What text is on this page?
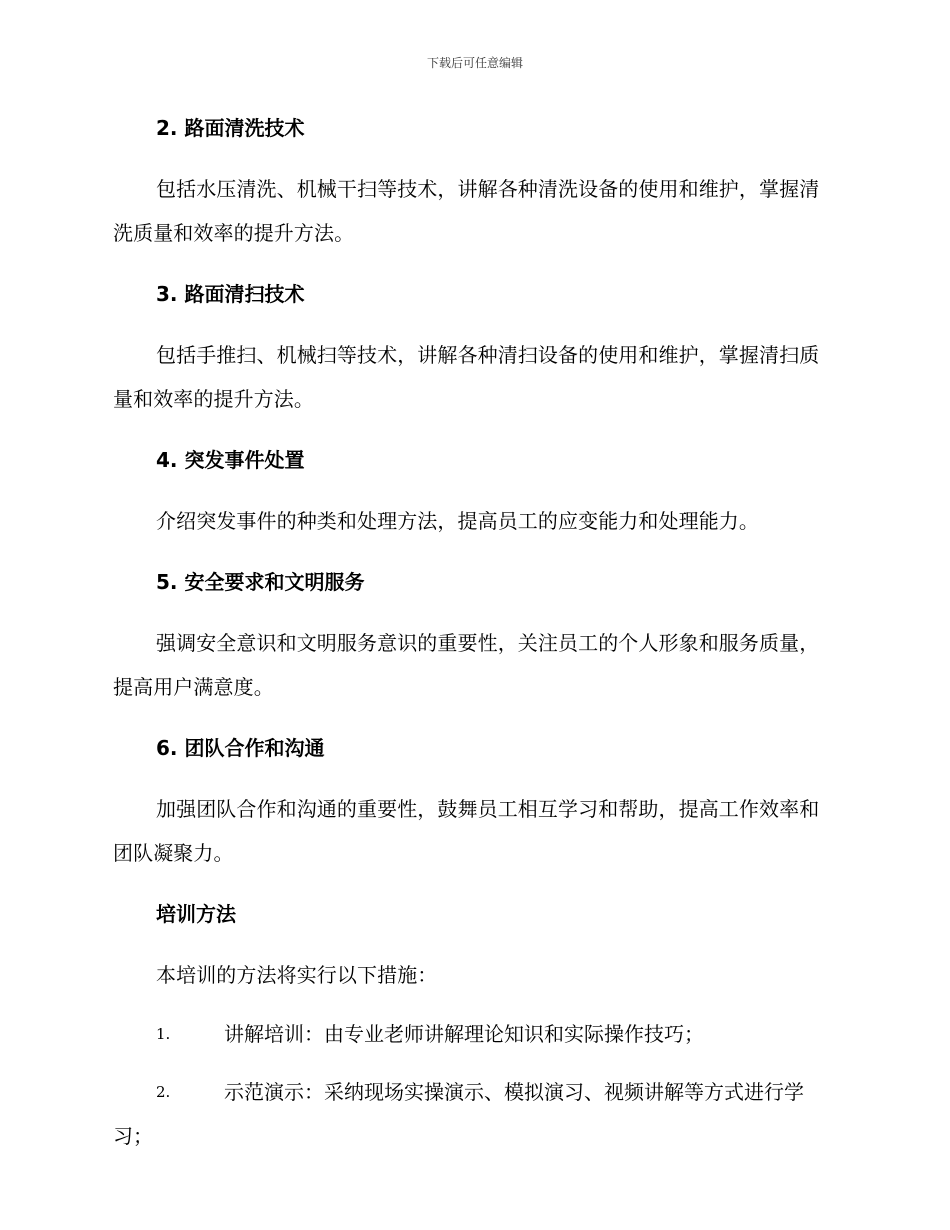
下载后可任意编辑
2. 路面清洗技术

包括水压清洗、机械干扫等技术，讲解各种清洗设备的使用和维护，掌握清洗质量和效率的提升方法。

3. 路面清扫技术

包括手推扫、机械扫等技术，讲解各种清扫设备的使用和维护，掌握清扫质量和效率的提升方法。

4. 突发事件处置

介绍突发事件的种类和处理方法，提高员工的应变能力和处理能力。

5. 安全要求和文明服务

强调安全意识和文明服务意识的重要性，关注员工的个人形象和服务质量，提高用户满意度。

6. 团队合作和沟通

加强团队合作和沟通的重要性，鼓舞员工相互学习和帮助，提高工作效率和团队凝聚力。

培训方法

本培训的方法将实行以下措施：

1.	讲解培训：由专业老师讲解理论知识和实际操作技巧；
2.	示范演示：采纳现场实操演示、模拟演习、视频讲解等方式进行学习；
